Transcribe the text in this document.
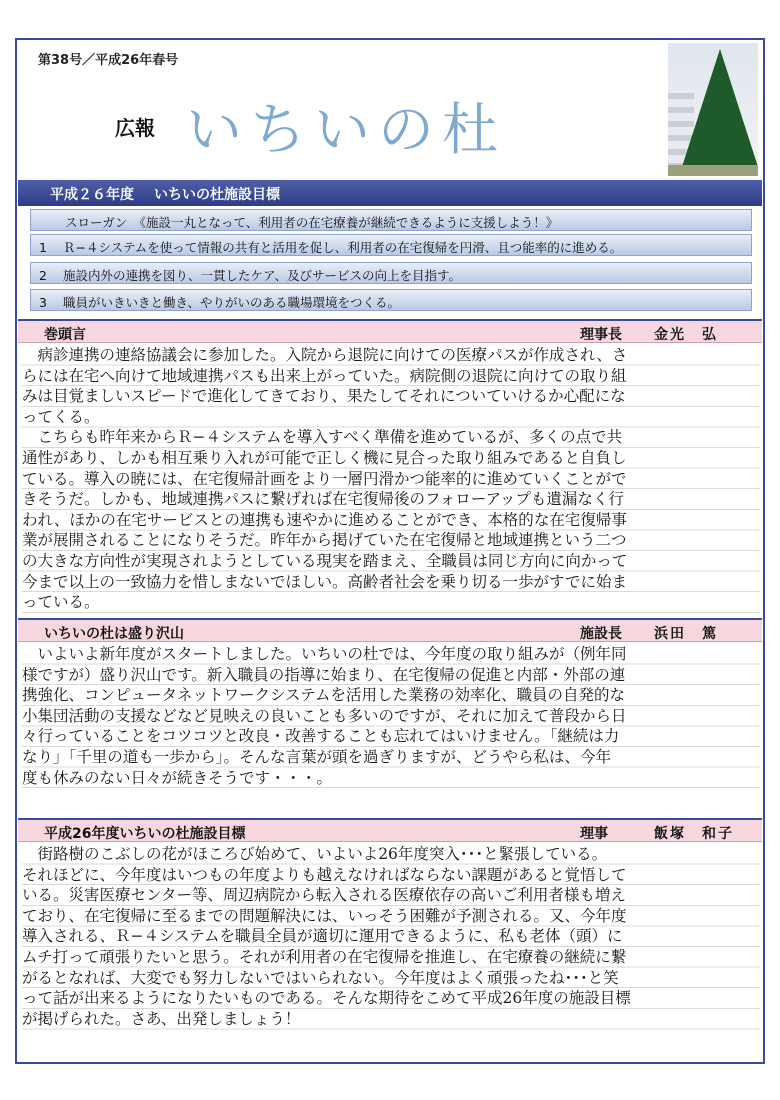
第38号／平成26年春号
広報 いちいの杜
平成２６年度 いちいの杜施設目標
スローガン　《施設一丸となって、利用者の在宅療養が継続できるように支援しよう！》
1 Ｒ−４システムを使って情報の共有と活用を促し、利用者の在宅復帰を円滑、且つ能率的に進める。
2 施設内外の連携を図り、一貫したケア、及びサービスの向上を目指す。
3 職員がいきいきと働き、やりがいのある職場環境をつくる。
巻頭言	理事長 金光　弘
　病診連携の連絡協議会に参加した。入院から退院に向けての医療パスが作成され、さ
らには在宅へ向けて地域連携パスも出来上がっていた。病院側の退院に向けての取り組
みは目覚ましいスピードで進化してきており、果たしてそれについていけるか心配にな
ってくる。
　こちらも昨年来からＲ−４システムを導入すべく準備を進めているが、多くの点で共
通性があり、しかも相互乗り入れが可能で正しく機に見合った取り組みであると自負し
ている。導入の暁には、在宅復帰計画をより一層円滑かつ能率的に進めていくことがで
きそうだ。しかも、地域連携パスに繋げれば在宅復帰後のフォローアップも遺漏なく行
われ、ほかの在宅サービスとの連携も速やかに進めることができ、本格的な在宅復帰事
業が展開されることになりそうだ。昨年から掲げていた在宅復帰と地域連携という二つ
の大きな方向性が実現されようとしている現実を踏まえ、全職員は同じ方向に向かって
今まで以上の一致協力を惜しまないでほしい。高齢者社会を乗り切る一歩がすでに始ま
っている。
いちいの杜は盛り沢山	施設長 浜田　篤
　いよいよ新年度がスタートしました。いちいの杜では、今年度の取り組みが（例年同
様ですが）盛り沢山です。新入職員の指導に始まり、在宅復帰の促進と内部・外部の連
携強化、コンピュータネットワークシステムを活用した業務の効率化、職員の自発的な
小集団活動の支援などなど見映えの良いことも多いのですが、それに加えて普段から日
々行っていることをコツコツと改良・改善することも忘れてはいけません。「継続は力
なり」「千里の道も一歩から」。そんな言葉が頭を過ぎりますが、どうやら私は、今年
度も休みのない日々が続きそうです・・・。
平成26年度いちいの杜施設目標	理事	飯塚　和子
　街路樹のこぶしの花がほころび始めて、いよいよ26年度突入･･･と緊張している。
それほどに、今年度はいつもの年度よりも越えなければならない課題があると覚悟して
いる。災害医療センター等、周辺病院から転入される医療依存の高いご利用者様も増え
ており、在宅復帰に至るまでの問題解決には、いっそう困難が予測される。又、今年度
導入される、Ｒ−４システムを職員全員が適切に運用できるように、私も老体（頭）に
ムチ打って頑張りたいと思う。それが利用者の在宅復帰を推進し、在宅療養の継続に繋
がるとなれば、大変でも努力しないではいられない。今年度はよく頑張ったね･･･と笑
って話が出来るようになりたいものである。そんな期待をこめて平成26年度の施設目標
が掲げられた。さあ、出発しましょう！
